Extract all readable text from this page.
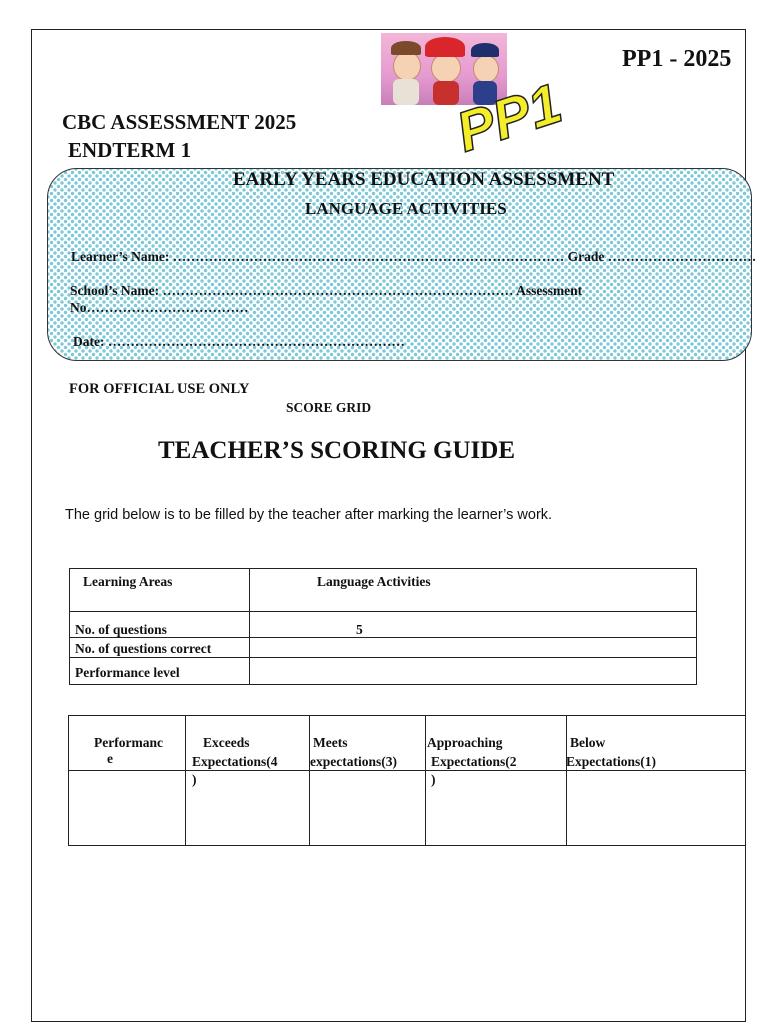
PP1
PP1 - 2025
CBC ASSESSMENT 2025
ENDTERM 1
EARLY YEARS EDUCATION ASSESSMENT
LANGUAGE ACTIVITIES
Learner’s Name: …………………………………………………………………………… Grade ……………………………
School’s Name: …………………………………………………………………… Assessment
No………………………………
Date: …………………………………………………………
FOR OFFICIAL USE ONLY
SCORE GRID
TEACHER’S SCORING GUIDE
The grid below is to be filled by the teacher after marking the learner’s work.
Learning Areas	Language Activities
No. of questions	5
No. of questions correct
Performance level
Performanc
e
Exceeds
Expectations(4
)
Meets
expectations(3)
Approaching
Expectations(2
)
Below
Expectations(1)
